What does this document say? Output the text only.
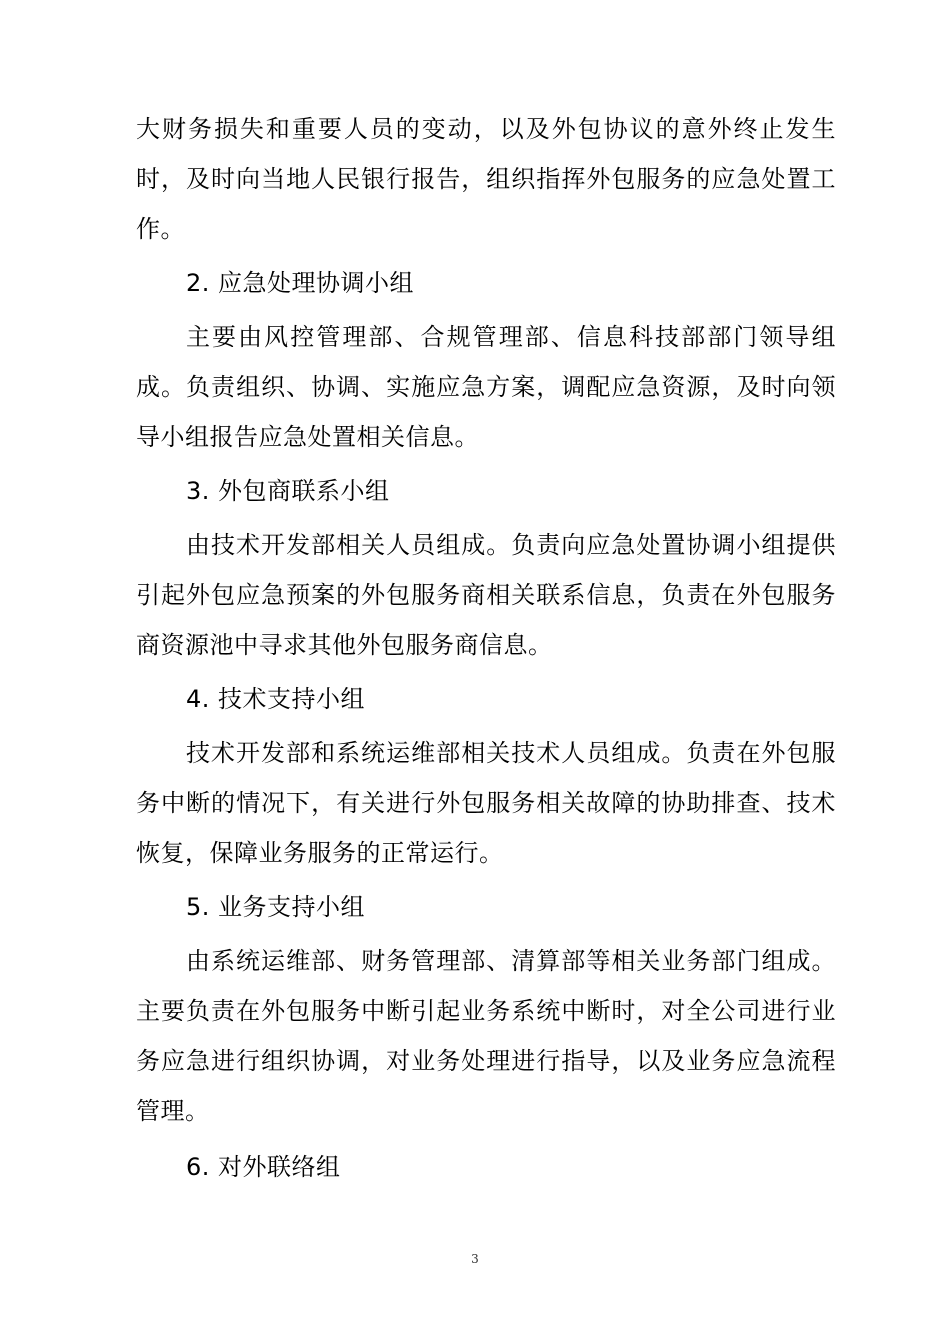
大财务损失和重要人员的变动，以及外包协议的意外终止发生时，及时向当地人民银行报告，组织指挥外包服务的应急处置工作。

2. 应急处理协调小组

主要由风控管理部、合规管理部、信息科技部部门领导组成。负责组织、协调、实施应急方案，调配应急资源，及时向领导小组报告应急处置相关信息。

3. 外包商联系小组

由技术开发部相关人员组成。负责向应急处置协调小组提供引起外包应急预案的外包服务商相关联系信息，负责在外包服务商资源池中寻求其他外包服务商信息。

4. 技术支持小组

技术开发部和系统运维部相关技术人员组成。负责在外包服务中断的情况下，有关进行外包服务相关故障的协助排查、技术恢复，保障业务服务的正常运行。

5. 业务支持小组

由系统运维部、财务管理部、清算部等相关业务部门组成。主要负责在外包服务中断引起业务系统中断时，对全公司进行业务应急进行组织协调，对业务处理进行指导，以及业务应急流程管理。

6. 对外联络组

3
